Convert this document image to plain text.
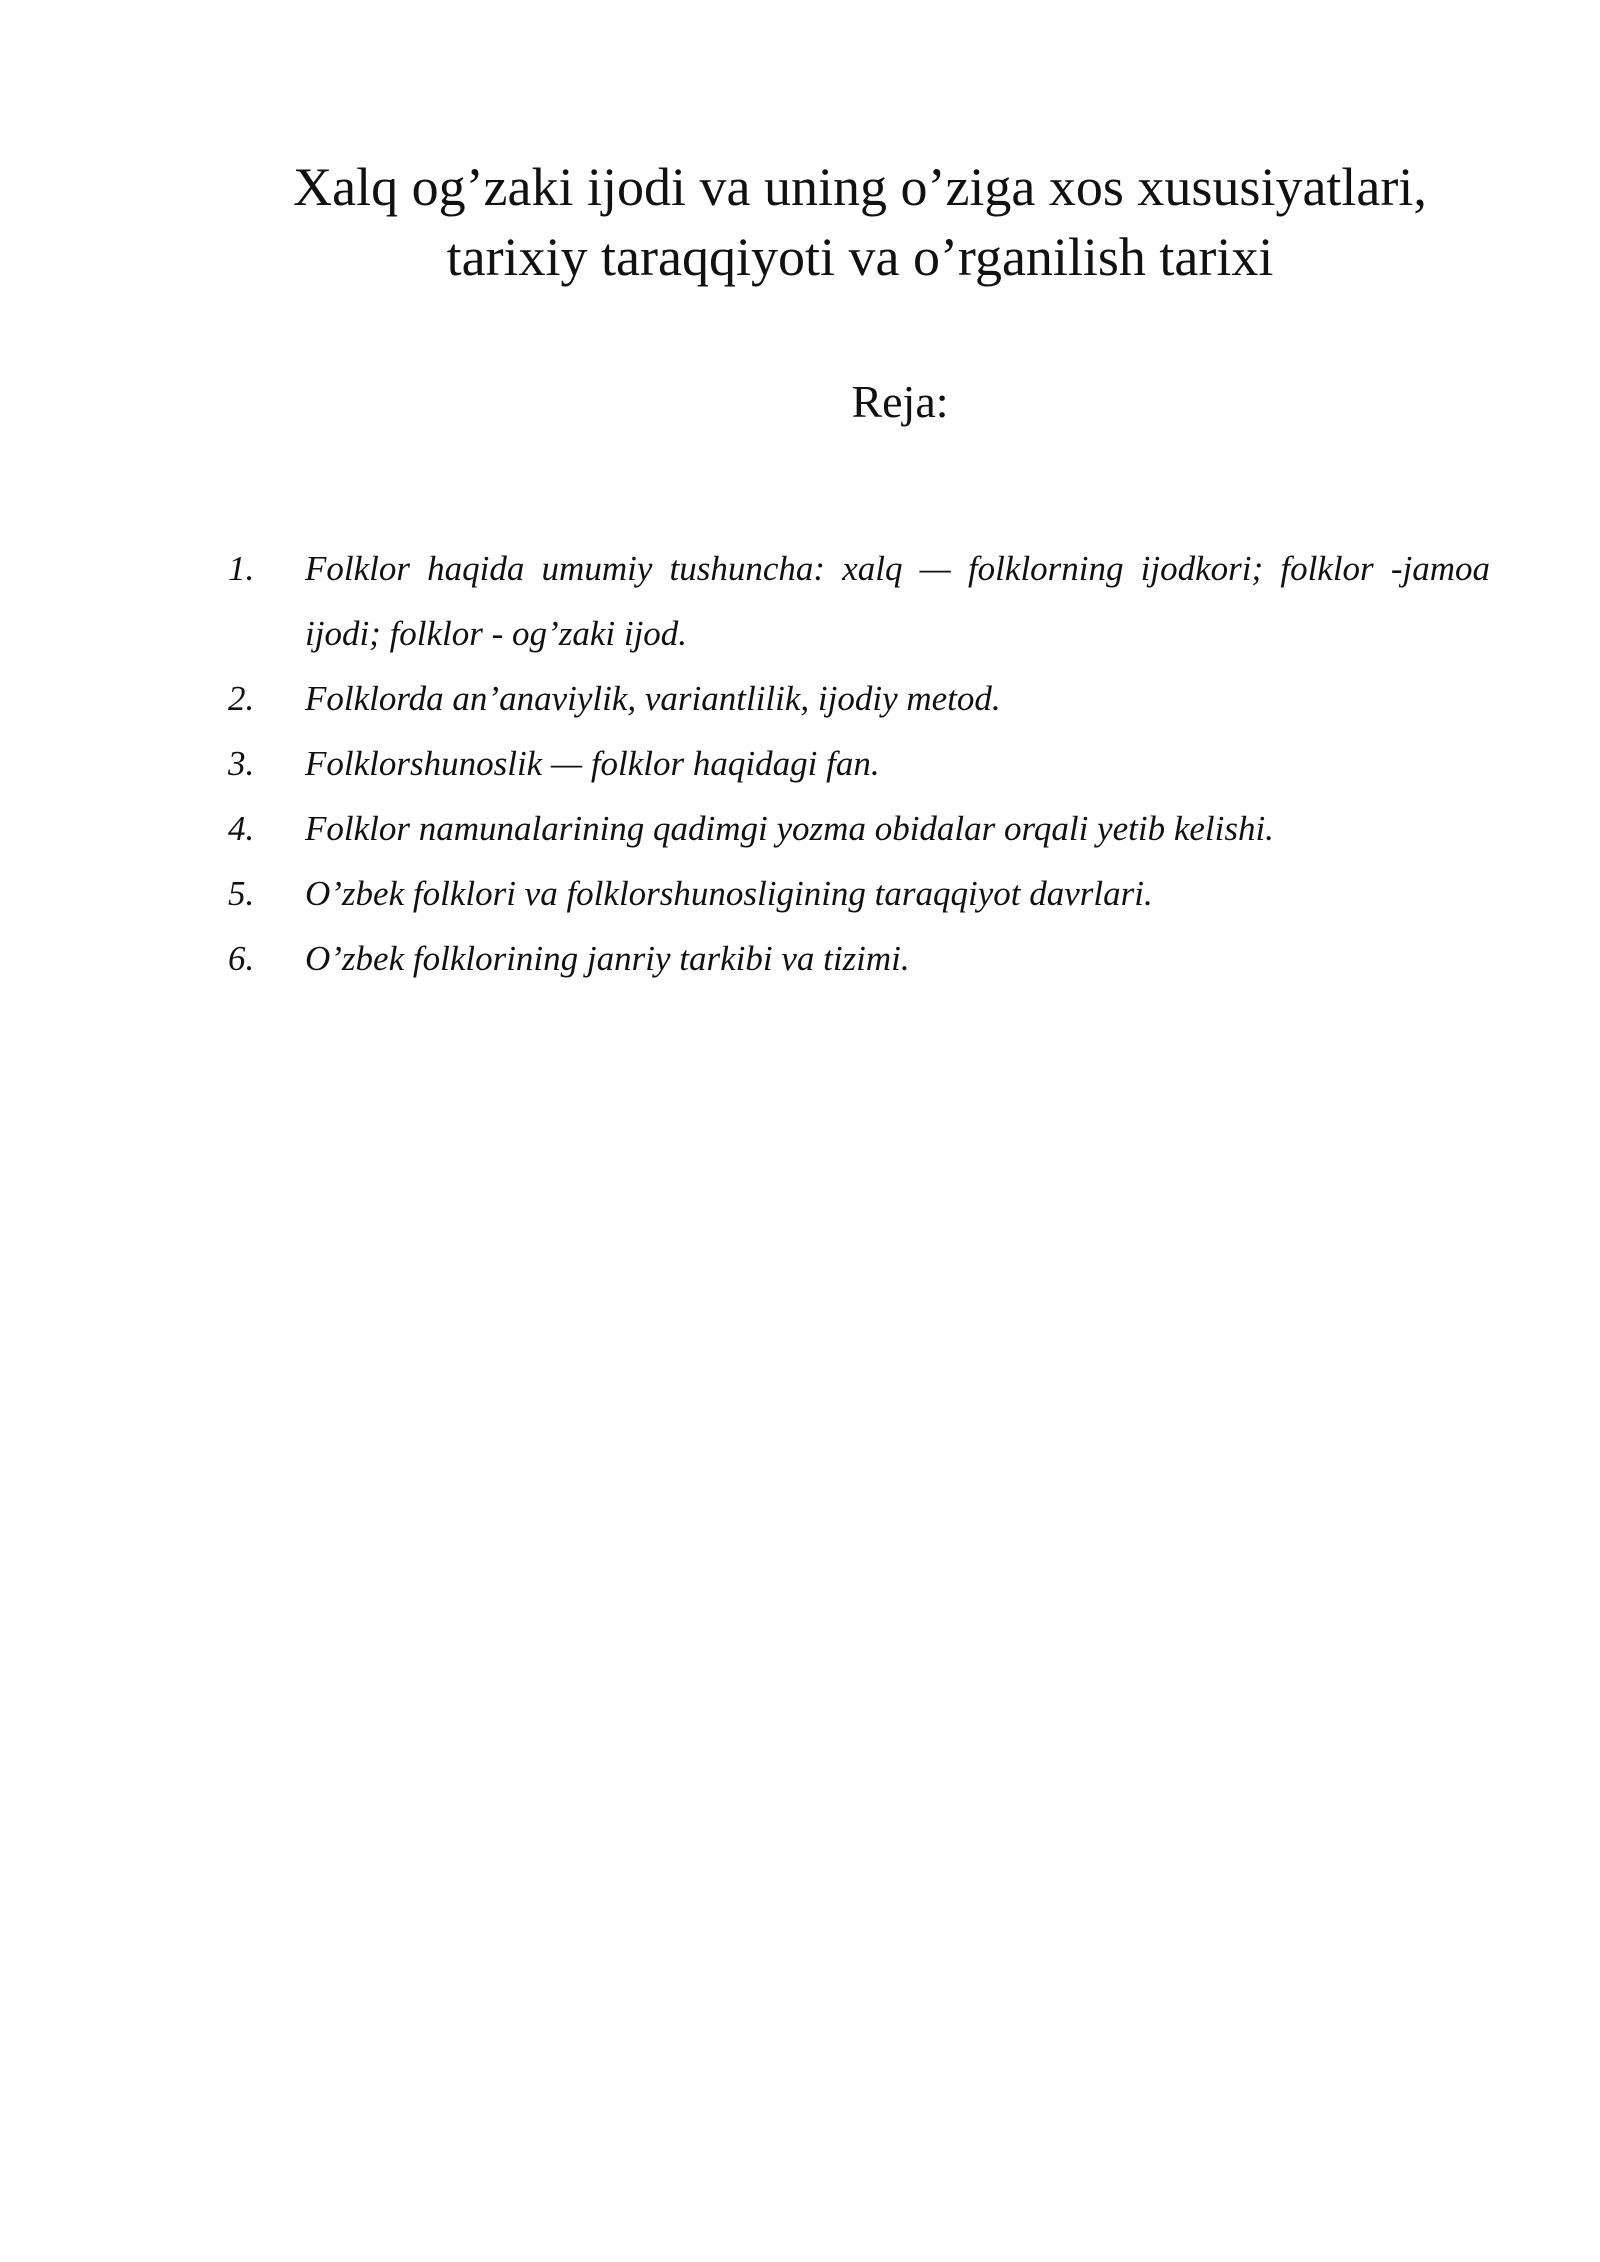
Xalq og’zaki ijodi va uning o’ziga xos xususiyatlari,
tarixiy taraqqiyoti va o’rganilish tarixi
Reja:
1.	Folklor haqida umumiy tushuncha: xalq — folklorning ijodkori; folklor -jamoa ijodi; folklor - og’zaki ijod.
2.	Folklorda an’anaviylik, variantlilik, ijodiy metod.
3.	Folklorshunoslik — folklor haqidagi fan.
4.	Folklor namunalarining qadimgi yozma obidalar orqali yetib kelishi.
5.	O’zbek folklori va folklorshunosligining taraqqiyot davrlari.
6.	O’zbek folklorining janriy tarkibi va tizimi.
